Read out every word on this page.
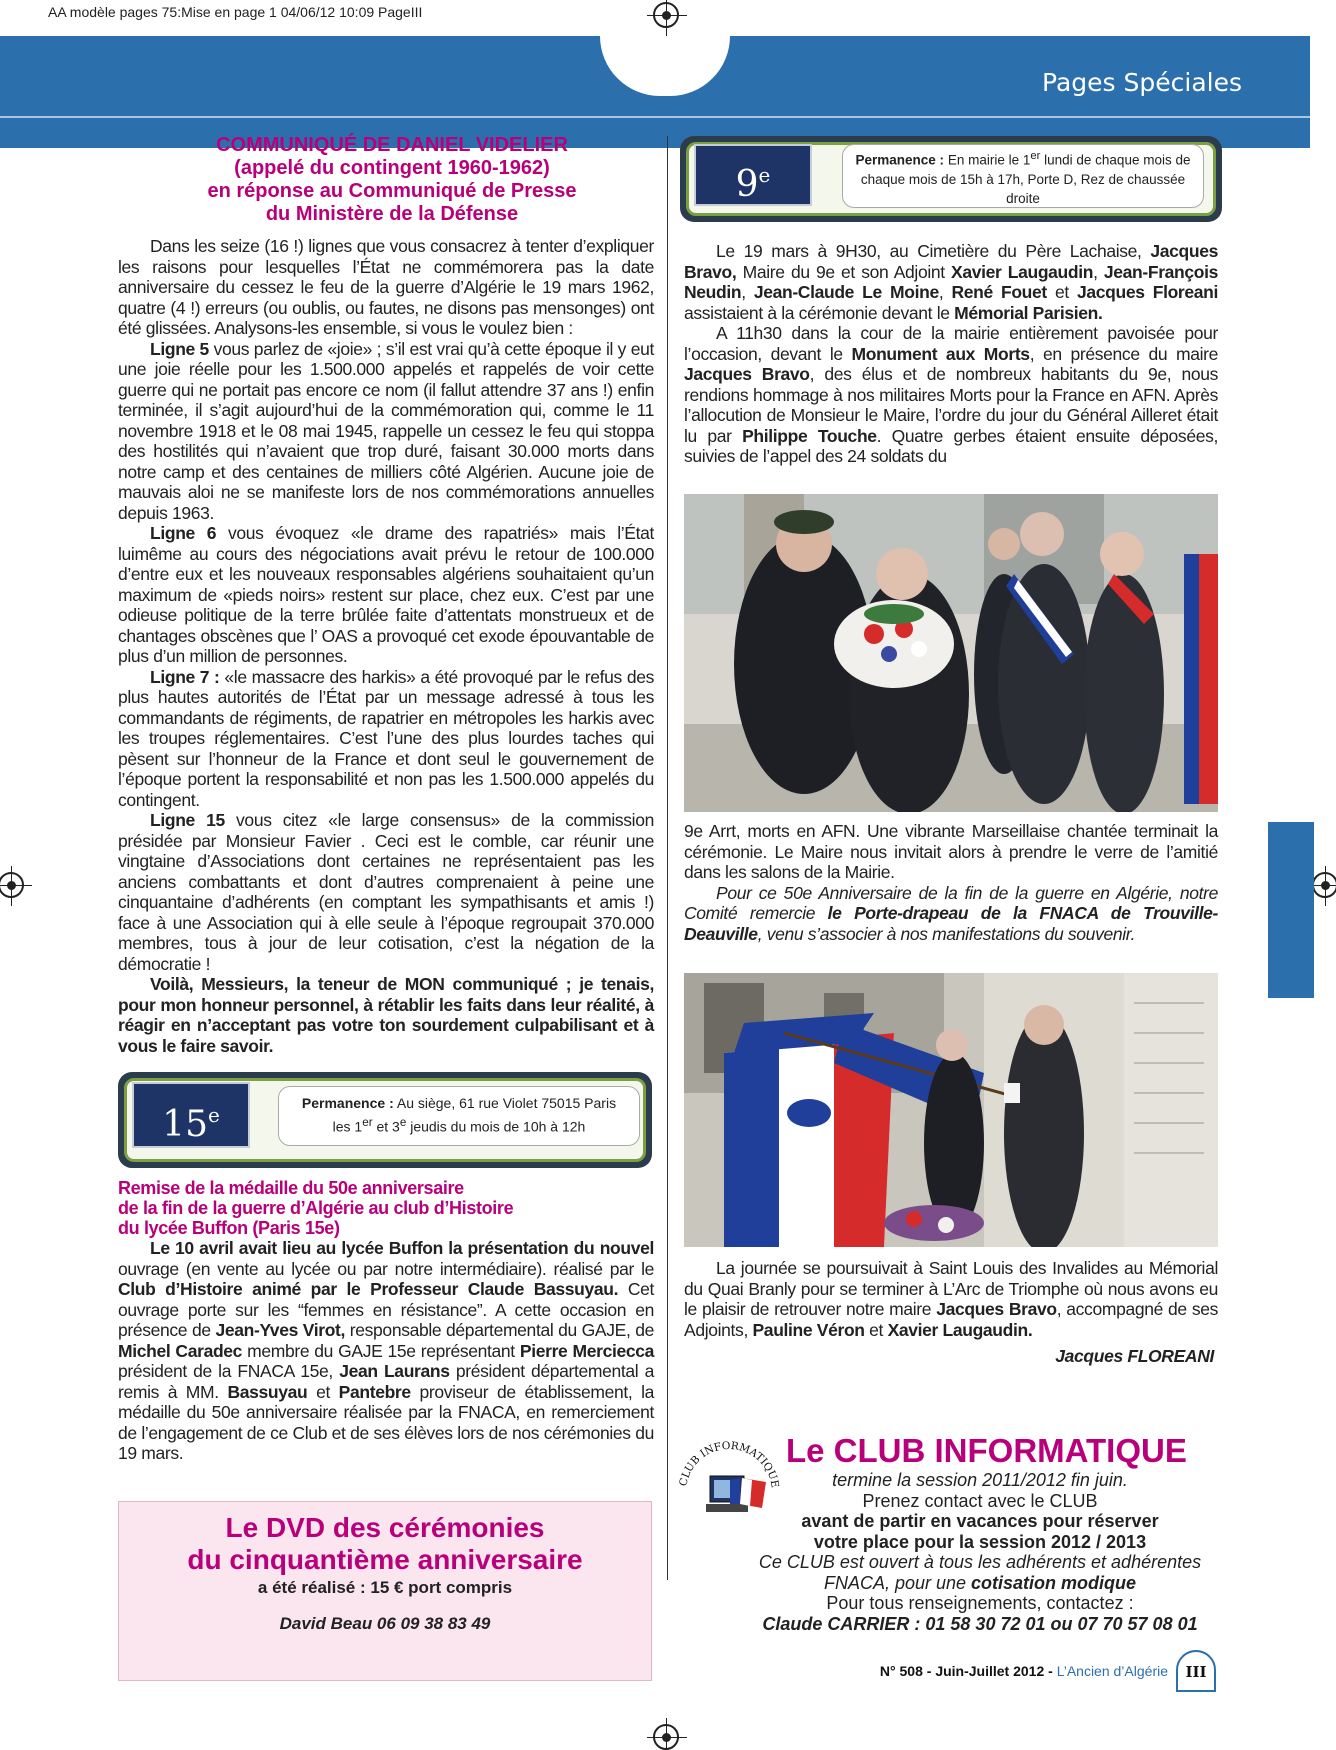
AA modèle pages 75:Mise en page 1 04/06/12 10:09 PageIII
Pages Spéciales
COMMUNIQUÉ DE DANIEL VIDELIER
(appelé du contingent 1960-1962)
en réponse au Communiqué de Presse
du Ministère de la Défense

Dans les seize (16 !) lignes que vous consacrez à tenter d’expliquer les raisons pour lesquelles l’État ne commémorera pas la date anniversaire du cessez le feu de la guerre d’Algérie le 19 mars 1962, quatre (4 !) erreurs (ou oublis, ou fautes, ne disons pas mensonges) ont été glissées. Analysons-les ensemble, si vous le voulez bien :

Ligne 5 vous parlez de «joie» ; s’il est vrai qu’à cette époque il y eut une joie réelle pour les 1.500.000 appelés et rappelés de voir cette guerre qui ne portait pas encore ce nom (il fallut attendre 37 ans !) enfin terminée, il s’agit aujourd’hui de la commémoration qui, comme le 11 novembre 1918 et le 08 mai 1945, rappelle un cessez le feu qui stoppa des hostilités qui n’avaient que trop duré, faisant 30.000 morts dans notre camp et des centaines de milliers côté Algérien. Aucune joie de mauvais aloi ne se manifeste lors de nos commémorations annuelles depuis 1963.

Ligne 6 vous évoquez «le drame des rapatriés» mais l’État luimême au cours des négociations avait prévu le retour de 100.000 d’entre eux et les nouveaux responsables algériens souhaitaient qu’un maximum de «pieds noirs» restent sur place, chez eux. C’est par une odieuse politique de la terre brûlée faite d’attentats monstrueux et de chantages obscènes que l’ OAS a provoqué cet exode épouvantable de plus d’un million de personnes.

Ligne 7 : «le massacre des harkis» a été provoqué par le refus des plus hautes autorités de l’État par un message adressé à tous les commandants de régiments, de rapatrier en métropoles les harkis avec les troupes réglementaires. C’est l’une des plus lourdes taches qui pèsent sur l’honneur de la France et dont seul le gouvernement de l’époque portent la responsabilité et non pas les 1.500.000 appelés du contingent.

Ligne 15 vous citez «le large consensus» de la commission présidée par Monsieur Favier . Ceci est le comble, car réunir une vingtaine d’Associations dont certaines ne représentaient pas les anciens combattants et dont d’autres comprenaient à peine une cinquantaine d’adhérents (en comptant les sympathisants et amis !) face à une Association qui à elle seule à l’époque regroupait 370.000 membres, tous à jour de leur cotisation, c’est la négation de la démocratie !

Voilà, Messieurs, la teneur de MON communiqué ; je tenais, pour mon honneur personnel, à rétablir les faits dans leur réalité, à réagir en n’acceptant pas votre ton sourdement culpabilisant et à vous le faire savoir.

15e	Permanence : Au siège, 61 rue Violet 75015 Paris
les 1er et 3e jeudis du mois de 10h à 12h
Remise de la médaille du 50e anniversaire
de la fin de la guerre d’Algérie au club d’Histoire
du lycée Buffon (Paris 15e)

Le 10 avril avait lieu au lycée Buffon la présentation du nouvel ouvrage (en vente au lycée ou par notre intermédiaire). réalisé par le Club d’Histoire animé par le Professeur Claude Bassuyau. Cet ouvrage porte sur les “femmes en résistance”. A cette occasion en présence de Jean-Yves Virot, responsable départemental du GAJE, de Michel Caradec membre du GAJE 15e représentant Pierre Merciecca président de la FNACA 15e, Jean Laurans président départemental a remis à MM. Bassuyau et Pantebre proviseur de établissement, la médaille du 50e anniversaire réalisée par la FNACA, en remerciement de l’engagement de ce Club et de ses élèves lors de nos cérémonies du 19 mars.

Le DVD des cérémonies
du cinquantième anniversaire
a été réalisé : 15 € port compris
David Beau 06 09 38 83 49
9e
Permanence : En mairie le 1er lundi de chaque mois de chaque mois de 15h à 17h, Porte D, Rez de chaussée droite

Le 19 mars à 9H30, au Cimetière du Père Lachaise, Jacques Bravo, Maire du 9e et son Adjoint Xavier Laugaudin, Jean-François Neudin, Jean-Claude Le Moine, René Fouet et Jacques Floreani assistaient à la cérémonie devant le Mémorial Parisien.

A 11h30 dans la cour de la mairie entièrement pavoisée pour l’occasion, devant le Monument aux Morts, en présence du maire Jacques Bravo, des élus et de nombreux habitants du 9e, nous rendions hommage à nos militaires Morts pour la France en AFN. Après l’allocution de Monsieur le Maire, l’ordre du jour du Général Ailleret était lu par Philippe Touche. Quatre gerbes étaient ensuite déposées, suivies de l’appel des 24 soldats du

9e Arrt, morts en AFN. Une vibrante Marseillaise chantée terminait la cérémonie. Le Maire nous invitait alors à prendre le verre de l’amitié dans les salons de la Mairie.

Pour ce 50e Anniversaire de la fin de la guerre en Algérie, notre Comité remercie le Porte-drapeau de la FNACA de Trouville-Deauville, venu s’associer à nos manifestations du souvenir.

La journée se poursuivait à Saint Louis des Invalides au Mémorial du Quai Branly pour se terminer à L’Arc de Triomphe où nous avons eu le plaisir de retrouver notre maire Jacques Bravo, accompagné de ses Adjoints, Pauline Véron et Xavier Laugaudin.

Jacques FLOREANI

CLUB INFORMATIQUE
Le CLUB INFORMATIQUE

termine la session 2011/2012 fin juin.

Prenez contact avec le CLUB

avant de partir en vacances pour réserver

votre place pour la session 2012 / 2013

Ce CLUB est ouvert à tous les adhérents et adhérentes

FNACA, pour une cotisation modique

Pour tous renseignements, contactez :

Claude CARRIER : 01 58 30 72 01 ou 07 70 57 08 01

N° 508 - Juin-Juillet 2012 - L’Ancien d’Algérie	III
